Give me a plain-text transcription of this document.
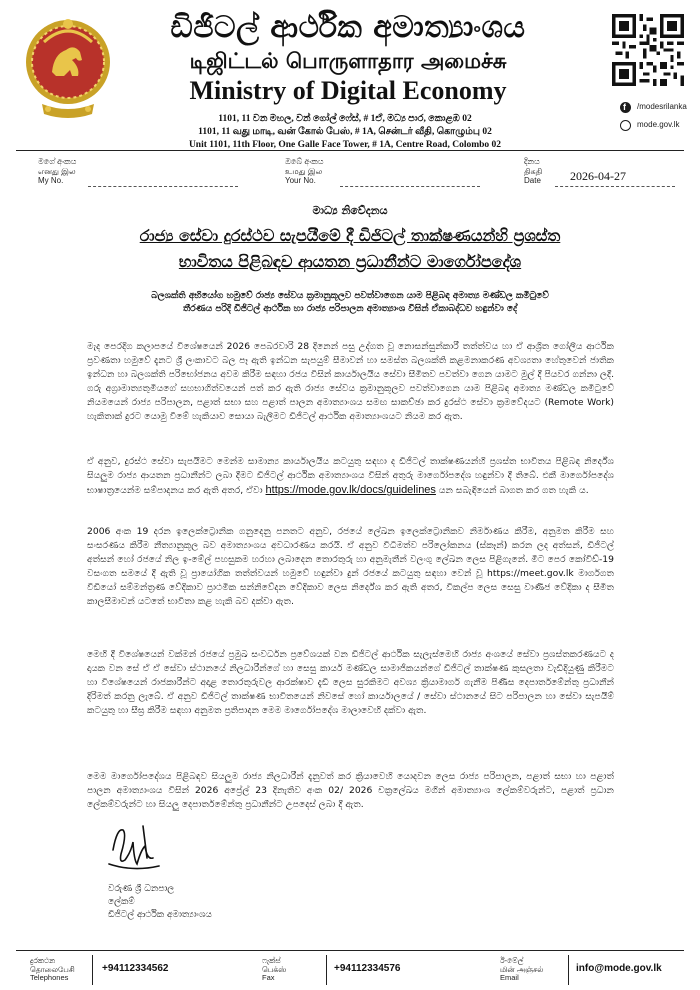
ඩිජිටල් ආර්ථික අමාත්‍යාංශය
டிஜிட்டல் பொருளாதார அமைச்சு
Ministry of Digital Economy
1101, 11 වන මහල, වන් ගෝල් ෆේස්, # 1ඒ, මධ්‍ය පාර, කොළඹ 02
1101, 11 வது மாடி, வன் கோல் பேஸ், # 1A, சென்டர் வீதி, கொழும்பு 02
Unit 1101, 11th Floor, One Galle Face Tower, # 1A, Centre Road, Colombo 02
f
/modesrilanka
mode.gov.lk
මගේ අංකය
எனது இல
My No.
ඔබේ අංකය
உமது இல
Your No.
දිනය
திகதி
Date 2026-04-27
මාධ්‍ය නිවේදනය
රාජ්‍ය සේවා දුරස්ථව සැපයීමේ දී ඩිජිටල් තාක්ෂණයන්හි ප්‍රශස්ත
භාවිතය පිළිබඳව ආයතන ප්‍රධානීන්ට මාර්ගෝපදේශ
බලශක්ති අභියෝග හමුවේ රාජ්‍ය සේවය ක්‍රමානුකූලව පවත්වාගෙන යාම පිළිබඳ අමාත්‍ය මණ්ඩල කමිටුවේ
තීරණය පරිදි ඩිජිටල් ආර්ථික හා රාජ්‍ය පරිපාලන අමාත්‍යාංශ විසින් ඒකාබද්ධව හඳුන්වා දේ
මැද පෙරදිග කලාපයේ විශේෂයෙන් 2026 පෙබරවාරි 28 දිනෙන් පසු උද්ගත වූ නොසන්සුන්කාරී තත්ත්වය හා ඒ ආශ්‍රිත ගෝලීය ආර්ථික ප්‍රවණතා හමුවේ දැනට ශ්‍රී ලංකාවට බල පෑ ඇති ඉන්ධන සැපයුම් සීමාවන් හා සමස්ත බලශක්ති කළමනාකරණ අවශ්‍යතා හේතුවෙන් ජාතික ඉන්ධන හා බලශක්ති පරිභෝජනය අවම කිරීම සඳහා රජය විසින් කාර්යාලයීය සේවා සීමිතව පවත්වා ගෙන යාමට මුල් දී පියවර ගන්නා ලදී. ගරු අග්‍රාමාත්‍යතුමියගේ සහභාගිත්වයෙන් පත් කර ඇති රාජ්‍ය සේවය ක්‍රමානුකූලව පවත්වාගෙන යාම පිළිබඳ අමාත්‍ය මණ්ඩල කමිටුවේ නියමයෙන් රාජ්‍ය පරිපාලන, පළාත් සභා සහ පළාත් පාලන අමාත්‍යාංශය සමඟ සාකච්ඡා කර දුරස්ථ සේවා ක්‍රමවේදයට (Remote Work) හැකිතාක් දුරට යොමු වීමේ හැකියාව සොයා බැලීමට ඩිජිටල් ආර්ථික අමාත්‍යාංශයට නියම කර ඇත.
ඒ අනුව, දුරස්ථ සේවා සැපයීමට මෙන්ම සාමාන්‍ය කාර්යාලයීය කටයුතු සඳහා ද ඩිජිටල් තාක්ෂණයන්හි ප්‍රශස්ත භාවිතය පිළිබඳ නිර්දේශ සියලුම රාජ්‍ය ආයතන ප්‍රධානීන්ට ලබා දීමට ඩිජිටල් ආර්ථික අමාත්‍යාංශය විසින් අතුරු මාර්ගෝපදේශ හඳුන්වා දී තිබේ. එකී මාර්ගෝපදේශ භාෂාත්‍රයෙන්ම සම්පාදනය කර ඇති අතර, ඒවා https://mode.gov.lk/docs/guidelines යන සබැඳියෙන් බාගත කර ගත හැකි ය.
2006 අංක 19 දරන ඉලෙක්ට්‍රොනික ගනුදෙනු පනතට අනුව, රජයේ ලේඛන ඉලෙක්ට්‍රොනිකව නිර්මාණය කිරීම, අනුමත කිරීම සහ සංසරණය කිරීම නීත්‍යානුකූල බව අමාත්‍යාංශය අවධාරණය කරයි. ඒ අනුව විධිමත්ව පරිලෝකනය (ස්කෑන්) කරන ලද අත්සන්, ඩිජිටල් අත්සන් හෝ රජයේ නිල ඉ-මේල් පහසුකම හරහා ලබාදෙන තොරතුරු හා අනුමැතීන් වලංගු ලේඛන ලෙස පිළිගැනේ. මීට පෙර කෝවිඩ්-19 වසංගත සමයේ දී ඇති වූ ප්‍රායෝගික තත්ත්වයන් හමුවේ හඳුන්වා දුන් රජයේ කටයුතු සඳහා වෙන් වූ https://meet.gov.lk මාර්ගගත වීඩියෝ සම්මන්ත්‍රණ වේදිකාව ප්‍රාථමික සන්නිවේදන වේදිකාව ලෙස නිර්දේශ කර ඇති අතර, විකල්ප ලෙස සෙසු වාණිජ වේදිකා ද සීමිත කාලසීමාවන් යටතේ භාවිතා කළ හැකි බව දක්වා ඇත.
මෙහි දී විශේෂයෙන් වක්මන් රජයේ ප්‍රමුඛ සංවර්ධන ප්‍රවේශයක් වන ඩිජිටල් ආර්ථික සැලැස්මෙහි රාජ්‍ය අංශයේ සේවා ප්‍රශස්තකරණයට ද දායක වන සේ ඒ ඒ සේවා ස්ථානයේ නිලධාරීන්ගේ හා සෙසු කාර්ය මණ්ඩල සාමාජිකයන්ගේ ඩිජිටල් තාක්ෂණ කුසලතා වැඩිදියුණු කිරීමට හා විශේෂයෙන් රාජකාරීන්ට අදාළ තොරතුරුවල ආරක්ෂාව දැඩි ලෙස සුරකිමට අවශ්‍ය ක්‍රියාමාර්ග ගැනීම පිණිස දෙපාර්තමේන්තු ප්‍රධානීන් දිරිමත් කරනු ලැබේ. ඒ අනුව ඩිජිටල් තාක්ෂණ භාවිතයෙන් නිවසේ හෝ කාර්යාලයේ / සේවා ස්ථානයේ සිට පරිපාලන හා සේවා සැපයීම් කටයුතු හා සීඝ්‍ර කිරීම සඳහා අනුමත ප්‍රතිපාදන මෙම මාර්ගෝපදේශ මාලාවෙහි දක්වා ඇත.
මෙම මාර්ගෝපදේශය පිළිබඳව සියලුම රාජ්‍ය නිලධාරීන් දැනුවත් කර ක්‍රියාවෙහි යොදවන ලෙස රාජ්‍ය පරිපාලන, පළාත් සභා හා පළාත් පාලන අමාත්‍යාංශය විසින් 2026 අප්‍රේල් 23 දිනැතිව අංක 02/ 2026 චක්‍රලේඛය මගින් අමාත්‍යාංශ ලේකම්වරුන්ට, පළාත් ප්‍රධාන ලේකම්වරුන්ට හා සියලු දෙපාර්තමේන්තු ප්‍රධානීන්ට උපදෙස් ලබා දී ඇත.
වරුණ ශ්‍රී ධනපාල
ලේකම්
ඩිජිටල් ආර්ථික අමාත්‍යාංශය
දුරකථන
தொலைபேசி
Telephones
+94112334562
ෆැක්ස්
பெக்ஸ்
Fax
+94112334576
ඊ-මේල්
மின் அஞ்சல்
Email
info@mode.gov.lk
